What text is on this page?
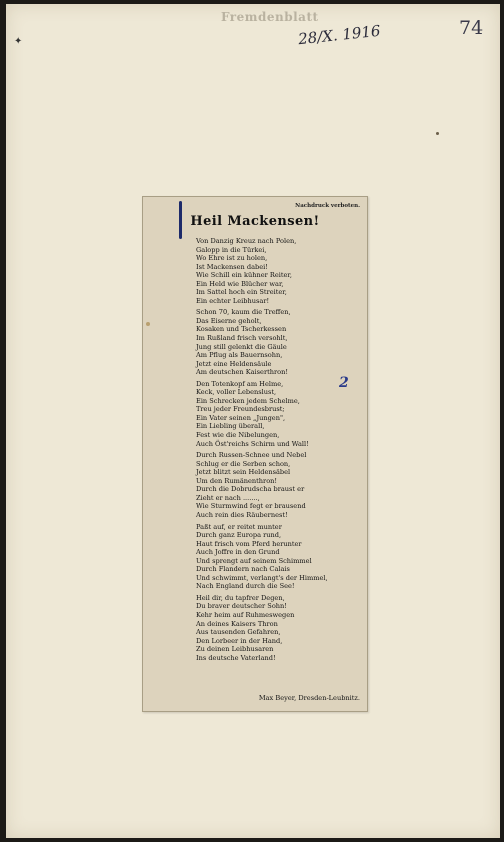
Fremdenblatt
28/X. 1916	74
✦
Nachdruck verboten.
Heil Mackensen!
2
Von Danzig Kreuz nach Polen,
Galopp in die Türkei,
Wo Ehre ist zu holen,
Ist Mackensen dabei!
Wie Schill ein kühner Reiter,
Ein Held wie Blücher war,
Im Sattel hoch ein Streiter,
Ein echter Leibhusar!
Schon 70, kaum die Treffen,
Das Eiserne geholt,
Kosaken und Tscherkessen
Im Rußland frisch versohlt,
Jung still gelenkt die Gäule
Am Pflug als Bauernsohn,
Jetzt eine Heldensäule
Am deutschen Kaiserthron!
Den Totenkopf am Helme,
Keck, voller Lebenslust,
Ein Schrecken jedem Schelme,
Treu jeder Freundesbrust;
Ein Vater seinen „Jungen",
Ein Liebling überall,
Fest wie die Nibelungen,
Auch Öst'reichs Schirm und Wall!
Durch Russen-Schnee und Nebel
Schlug er die Serben schon,
Jetzt blitzt sein Heldensäbel
Um den Rumänenthron!
Durch die Dobrudscha braust er
Zieht er nach .......,
Wie Sturmwind fegt er brausend
Auch rein dies Räubernest!
Paßt auf, er reitet munter
Durch ganz Europa rund,
Haut frisch vom Pferd herunter
Auch Joffre in den Grund
Und sprengt auf seinem Schimmel
Durch Flandern nach Calais
Und schwimmt, verlangt's der Himmel,
Nach England durch die See!
Heil dir, du tapfrer Degen,
Du braver deutscher Sohn!
Kehr heim auf Ruhmeswegen
An deines Kaisers Thron
Aus tausenden Gefahren,
Den Lorbeer in der Hand,
Zu deinen Leibhusaren
Ins deutsche Vaterland!
Max Beyer, Dresden-Leubnitz.
